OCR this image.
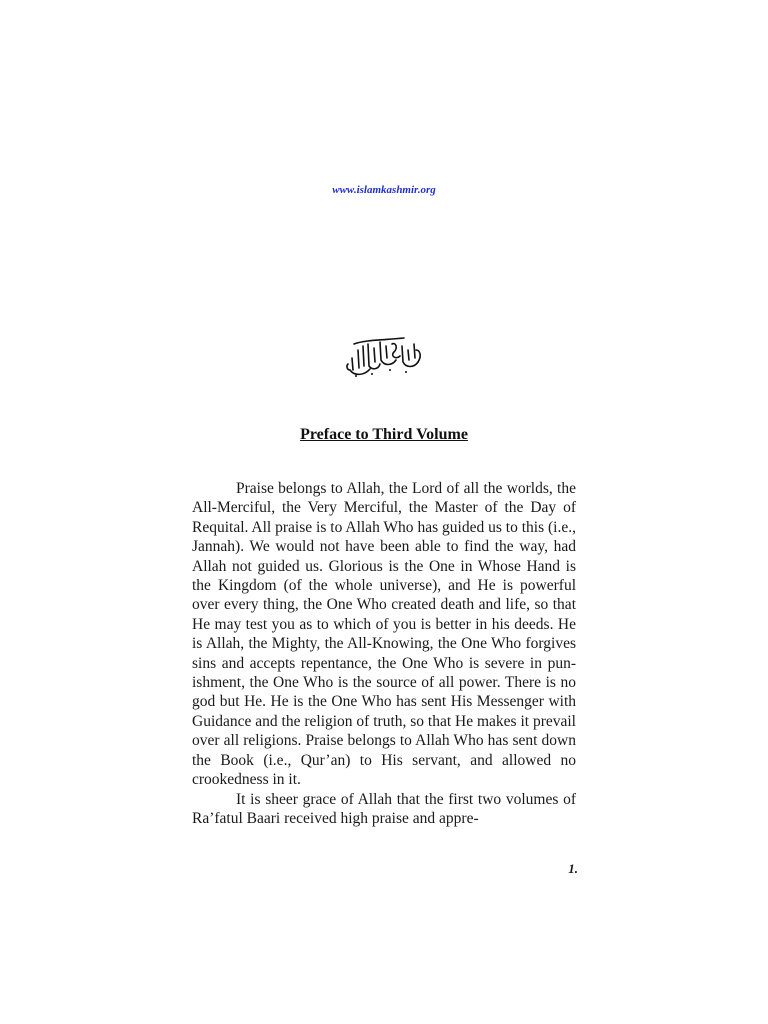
www.islamkashmir.org
Preface to Third Volume

Praise belongs to Allah, the Lord of all the worlds, the All-Merciful, the Very Merciful, the Master of the Day of Requital. All praise is to Allah Who has guided us to this (i.e., Jannah). We would not have been able to find the way, had Allah not guided us. Glorious is the One in Whose Hand is the Kingdom (of the whole universe), and He is powerful over every thing, the One Who created death and life, so that He may test you as to which of you is better in his deeds. He is Allah, the Mighty, the All-Knowing, the One Who forgives sins and accepts repentance, the One Who is severe in punishment, the One Who is the source of all power. There is no god but He. He is the One Who has sent His Messenger with Guidance and the religion of truth, so that He makes it prevail over all religions. Praise belongs to Allah Who has sent down the Book (i.e., Qur’an) to His servant, and allowed no crookedness in it.

It is sheer grace of Allah that the first two volumes of Ra’fatul Baari received high praise and appre-

1.
